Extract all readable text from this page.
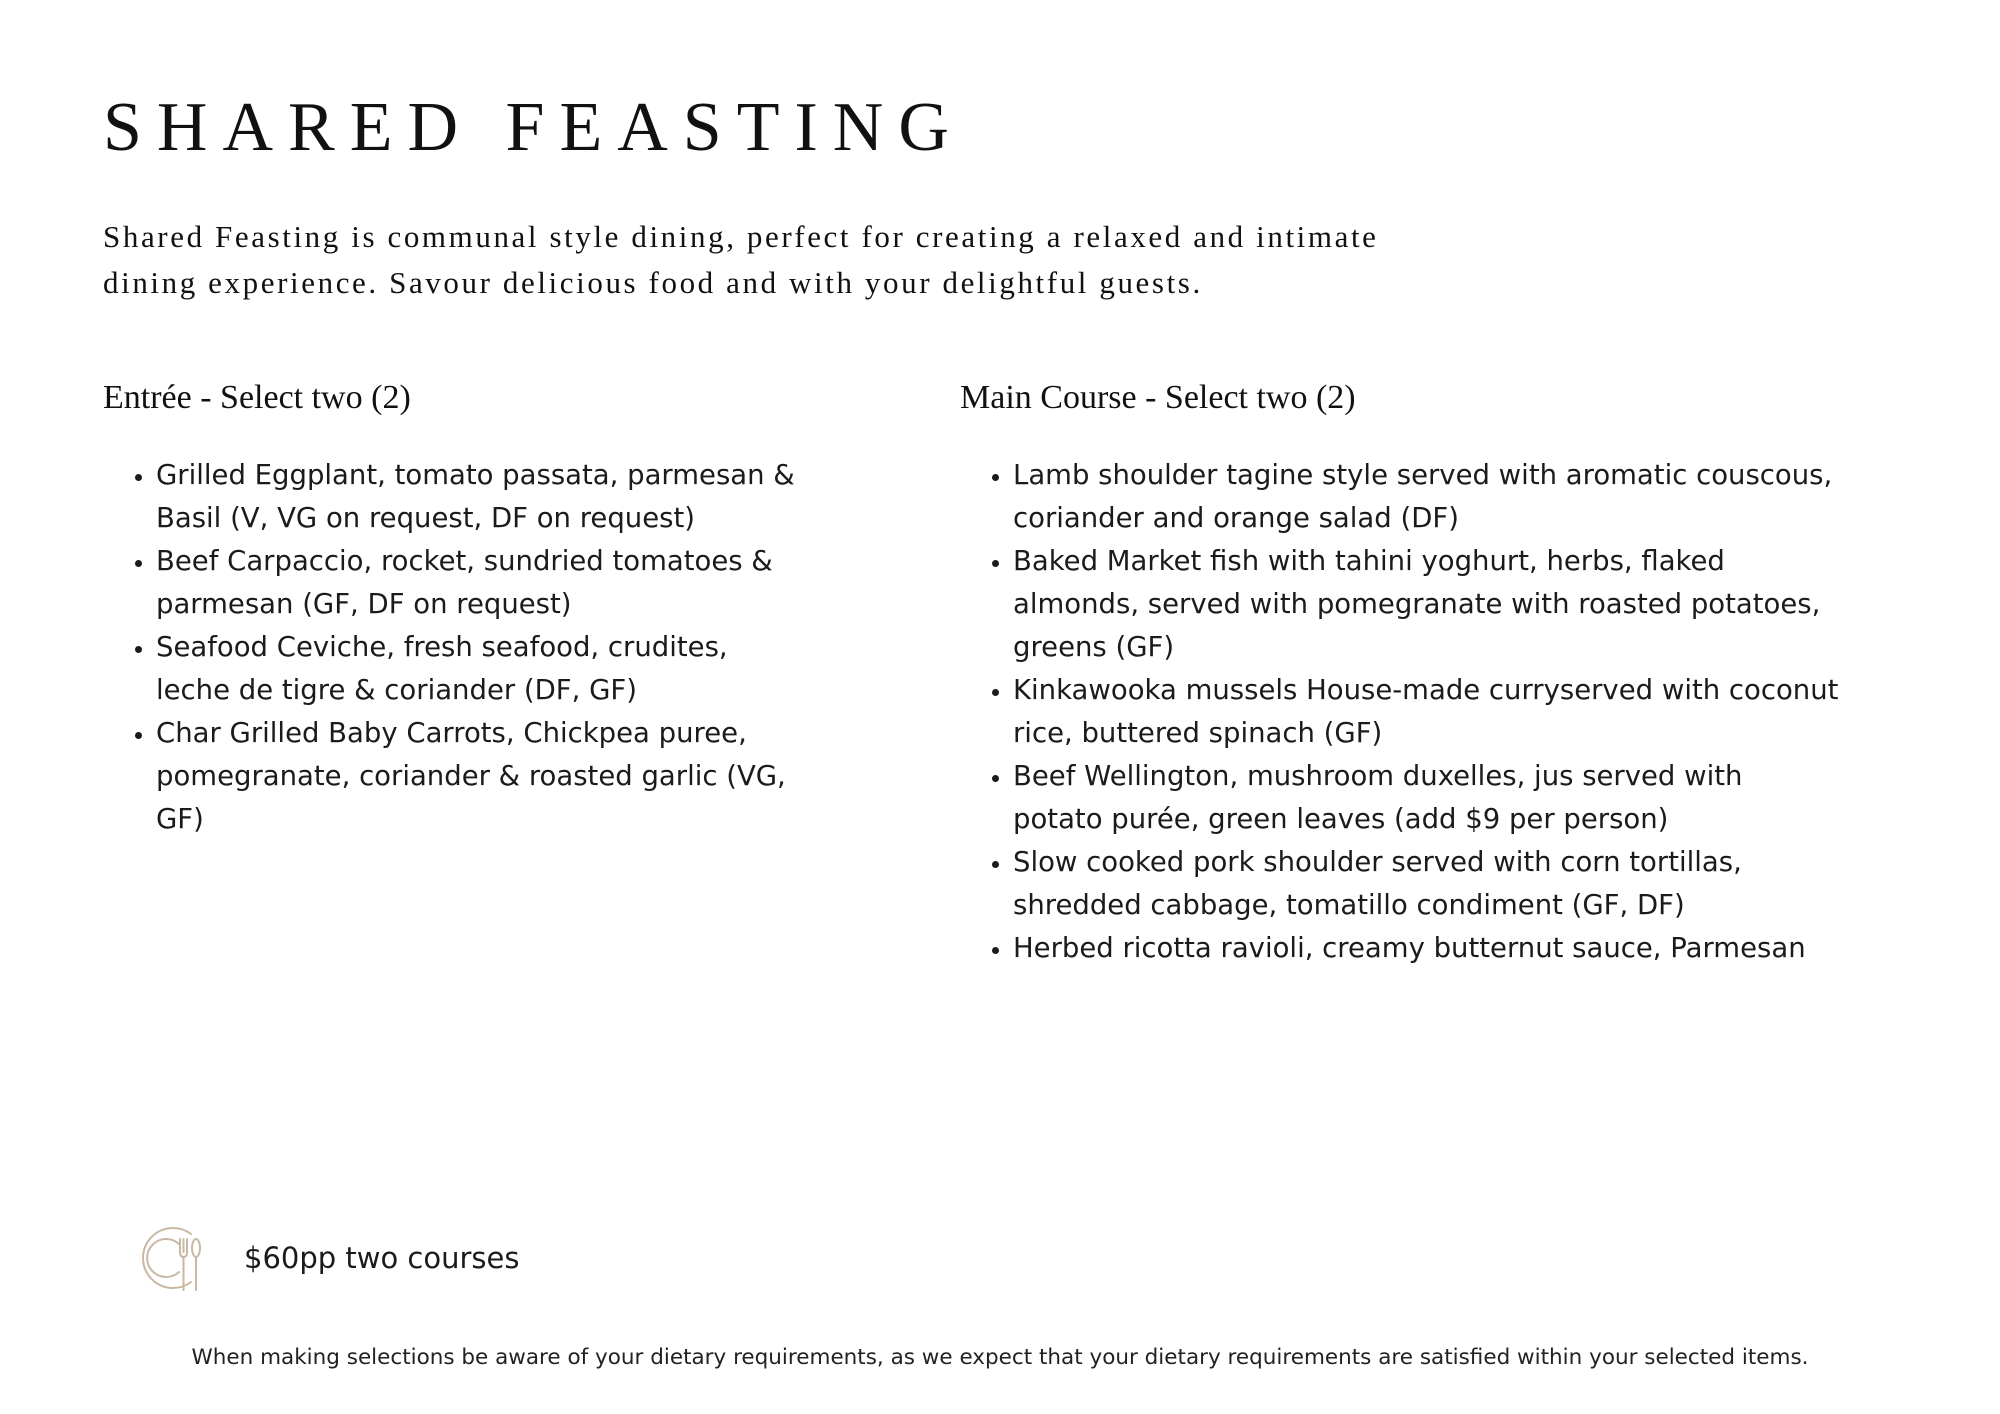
SHARED FEASTING

Shared Feasting is communal style dining, perfect for creating a relaxed and intimate
dining experience. Savour delicious food and with your delightful guests.

Entrée - Select two (2)
• Grilled Eggplant, tomato passata, parmesan & Basil (V, VG on request, DF on request)
• Beef Carpaccio, rocket, sundried tomatoes & parmesan (GF, DF on request)
• Seafood Ceviche, fresh seafood, crudites, leche de tigre & coriander (DF, GF)
• Char Grilled Baby Carrots, Chickpea puree, pomegranate, coriander & roasted garlic (VG, GF)
Main Course - Select two (2)
• Lamb shoulder tagine style served with aromatic couscous, coriander and orange salad (DF)
• Baked Market fish with tahini yoghurt, herbs, flaked almonds, served with pomegranate with roasted potatoes, greens (GF)
• Kinkawooka mussels House-made curryserved with coconut rice, buttered spinach (GF)
• Beef Wellington, mushroom duxelles, jus served with potato purée, green leaves (add $9 per person)
• Slow cooked pork shoulder served with corn tortillas, shredded cabbage, tomatillo condiment (GF, DF)
• Herbed ricotta ravioli, creamy butternut sauce, Parmesan
$60pp two courses

When making selections be aware of your dietary requirements, as we expect that your dietary requirements are satisfied within your selected items.
